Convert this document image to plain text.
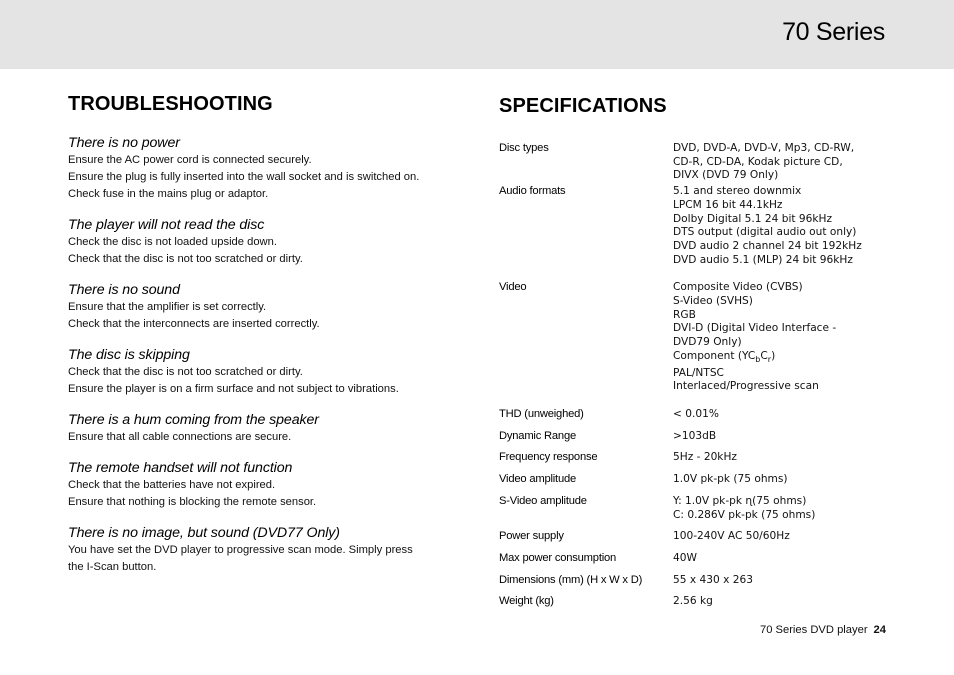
70 Series
TROUBLESHOOTING	SPECIFICATIONS
There is no power
Ensure the AC power cord is connected securely.
Ensure the plug is fully inserted into the wall socket and is switched on.
Check fuse in the mains plug or adaptor.
The player will not read the disc
Check the disc is not loaded upside down.
Check that the disc is not too scratched or dirty.
There is no sound
Ensure that the amplifier is set correctly.
Check that the interconnects are inserted correctly.
The disc is skipping
Check that the disc is not too scratched or dirty.
Ensure the player is on a firm surface and not subject to vibrations.
There is a hum coming from the speaker
Ensure that all cable connections are secure.
The remote handset will not function
Check that the batteries have not expired.
Ensure that nothing is blocking the remote sensor.
There is no image, but sound (DVD77 Only)
You have set the DVD player to progressive scan mode. Simply press
the I-Scan button.
Disc types	DVD, DVD-A, DVD-V, Mp3, CD-RW,
CD-R, CD-DA, Kodak picture CD,
DIVX (DVD 79 Only)
Audio formats	5.1 and stereo downmix
LPCM 16 bit 44.1kHz
Dolby Digital 5.1 24 bit 96kHz
DTS output (digital audio out only)
DVD audio 2 channel 24 bit 192kHz
DVD audio 5.1 (MLP) 24 bit 96kHz
Video	Composite Video (CVBS)
S-Video (SVHS)
RGB
DVI-D (Digital Video Interface -
DVD79 Only)
Component $(YC_bC_r)$
PAL/NTSC
Interlaced/Progressive scan
THD (unweighed)	< 0.01%
Dynamic Range	>103dB
Frequency response	5Hz - 20kHz
Video amplitude	1.0V pk-pk (75 ohms)
S-Video amplitude	Y: 1.0V pk-pk ɳ(75 ohms)
C: 0.286V pk-pk (75 ohms)
Power supply	100-240V AC 50/60Hz
Max power consumption	40W
Dimensions (mm) (H x W x D)	55 x 430 x 263
Weight (kg)	2.56 kg
70 Series DVD player 24
